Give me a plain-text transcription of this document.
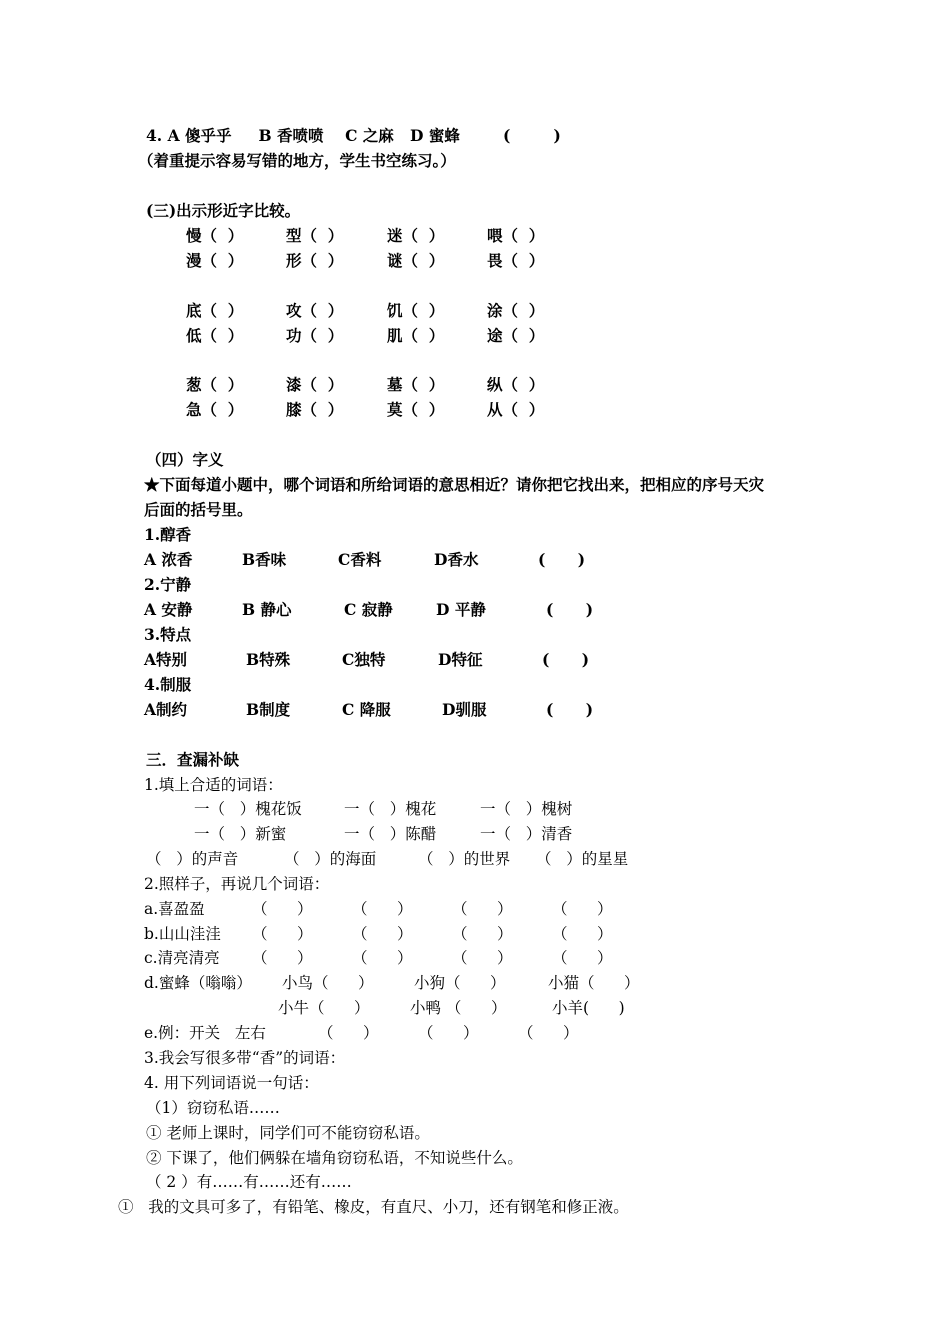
4. A 傻乎乎     B 香喷喷    C 之麻   D 蜜蜂        (        )
（着重提示容易写错的地方，学生书空练习。）
(三)出示形近字比较。
慢（  ）	型（  ）	迷（  ）	喂（  ）
漫（  ）	形（  ）	谜（  ）	畏（  ）
底（  ）	攻（  ）	饥（  ）	涂（  ）
低（  ）	功（  ）	肌（  ）	途（  ）
葱（  ）	漆（  ）	墓（  ）	纵（  ）
急（  ）	膝（  ）	莫（  ）	从（  ）
（四）字义
★下面每道小题中，哪个词语和所给词语的意思相近？请你把它找出来，把相应的序号天灾
后面的括号里。
1.醇香
A 浓香	B香味	C香料	D香水	(      )
2.宁静
A 安静	B 静心	C 寂静	D 平静	(      )
3.特点
A特别	B特殊	C独特	D特征	(      )
4.制服
A制约	B制度	C 降服	D驯服	(      )
三．查漏补缺
1.填上合适的词语：
一（   ）槐花饭	一（   ）槐花	一（   ）槐树
一（   ）新蜜	一（   ）陈醋	一（   ）清香
（   ）的声音	（   ）的海面	（   ）的世界 （   ）的星星
2.照样子，再说几个词语：
a.喜盈盈	（      ）	（      ）	（      ）	（      ）
b.山山洼洼 （      ）	（      ）	（      ）	（      ）
c.清亮清亮 （      ）	（      ）	（      ）	（      ）
d.蜜蜂（嗡嗡） 小鸟（      ）	小狗（      ）	小猫（      ）
小牛（      ）	小鸭 （      ）	小羊(      )
e.例：开关   左右	（      ）	（      ）	（      ）
3.我会写很多带“香”的词语：
4. 用下列词语说一句话：
（1）窃窃私语……
① 老师上课时，同学们可不能窃窃私语。
② 下课了，他们俩躲在墙角窃窃私语，不知说些什么。
（ 2 ）有……有……还有……
①   我的文具可多了，有铅笔、橡皮，有直尺、小刀，还有钢笔和修正液。
